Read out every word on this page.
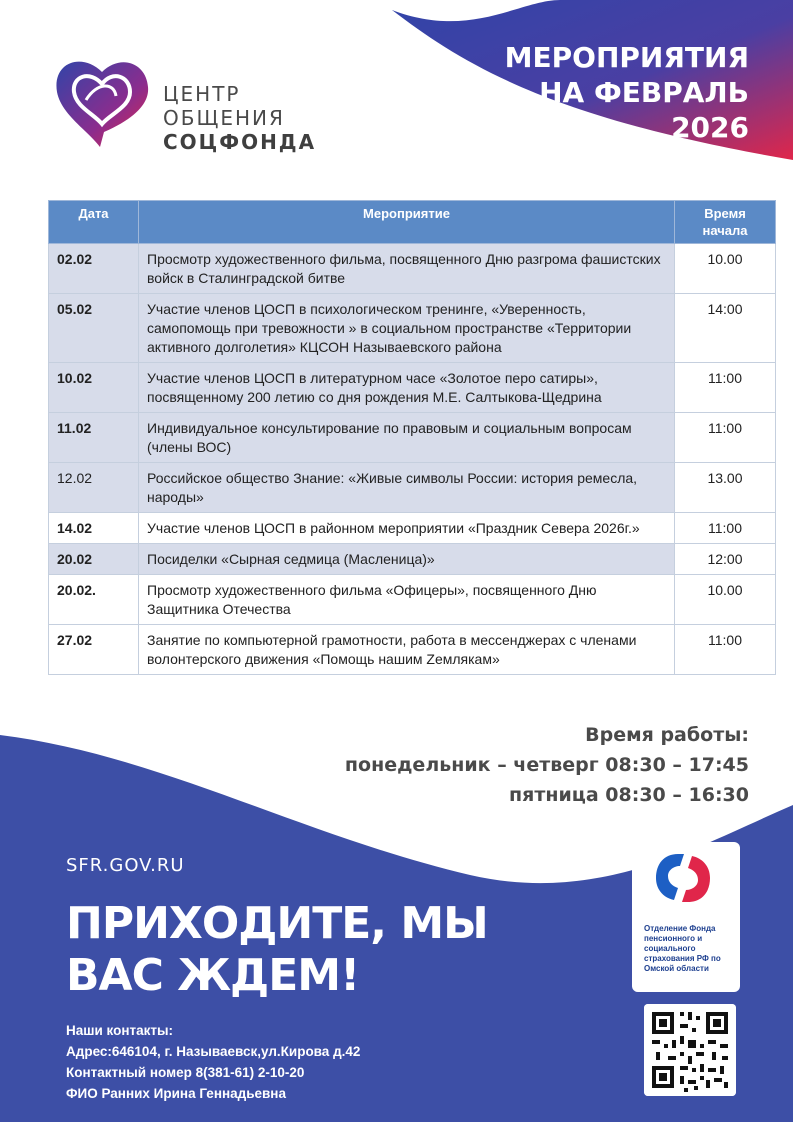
МЕРОПРИЯТИЯ
НА ФЕВРАЛЬ
2026
ЦЕНТР
ОБЩЕНИЯ
СОЦФОНДА
Дата	Мероприятие	Время начала
02.02	Просмотр художественного фильма, посвященного Дню разгрома фашистских войск в Сталинградской битве	10.00
05.02	Участие членов ЦОСП в психологическом тренинге, «Уверенность, самопомощь при тревожности » в социальном пространстве «Территории активного долголетия» КЦСОН Называевского района	14:00
10.02	Участие членов ЦОСП в литературном часе «Золотое перо сатиры», посвященному 200 летию со дня рождения М.Е. Салтыкова-Щедрина	11:00
11.02	Индивидуальное консультирование по правовым и социальным вопросам (члены ВОС)	11:00
12.02	Российское общество Знание: «Живые символы России: история ремесла, народы»	13.00
14.02	Участие членов ЦОСП в районном мероприятии «Праздник Севера 2026г.»	11:00
20.02	Посиделки «Сырная седмица (Масленица)»	12:00
20.02.	Просмотр художественного фильма «Офицеры», посвященного Дню Защитника Отечества	10.00
27.02	Занятие по компьютерной грамотности, работа в мессенджерах с членами волонтерского движения «Помощь нашим Zемлякам»	11:00
Время работы:
понедельник – четверг 08:30 – 17:45
пятница 08:30 – 16:30
SFR.GOV.RU
ПРИХОДИТЕ, МЫ
ВАС ЖДЕМ!
Наши контакты:
Адрес:646104, г. Называевск,ул.Кирова д.42
Контактный номер 8(381-61) 2-10-20
ФИО Ранних Ирина Геннадьевна
Отделение Фонда пенсионного и социального страхования РФ по Омской области
